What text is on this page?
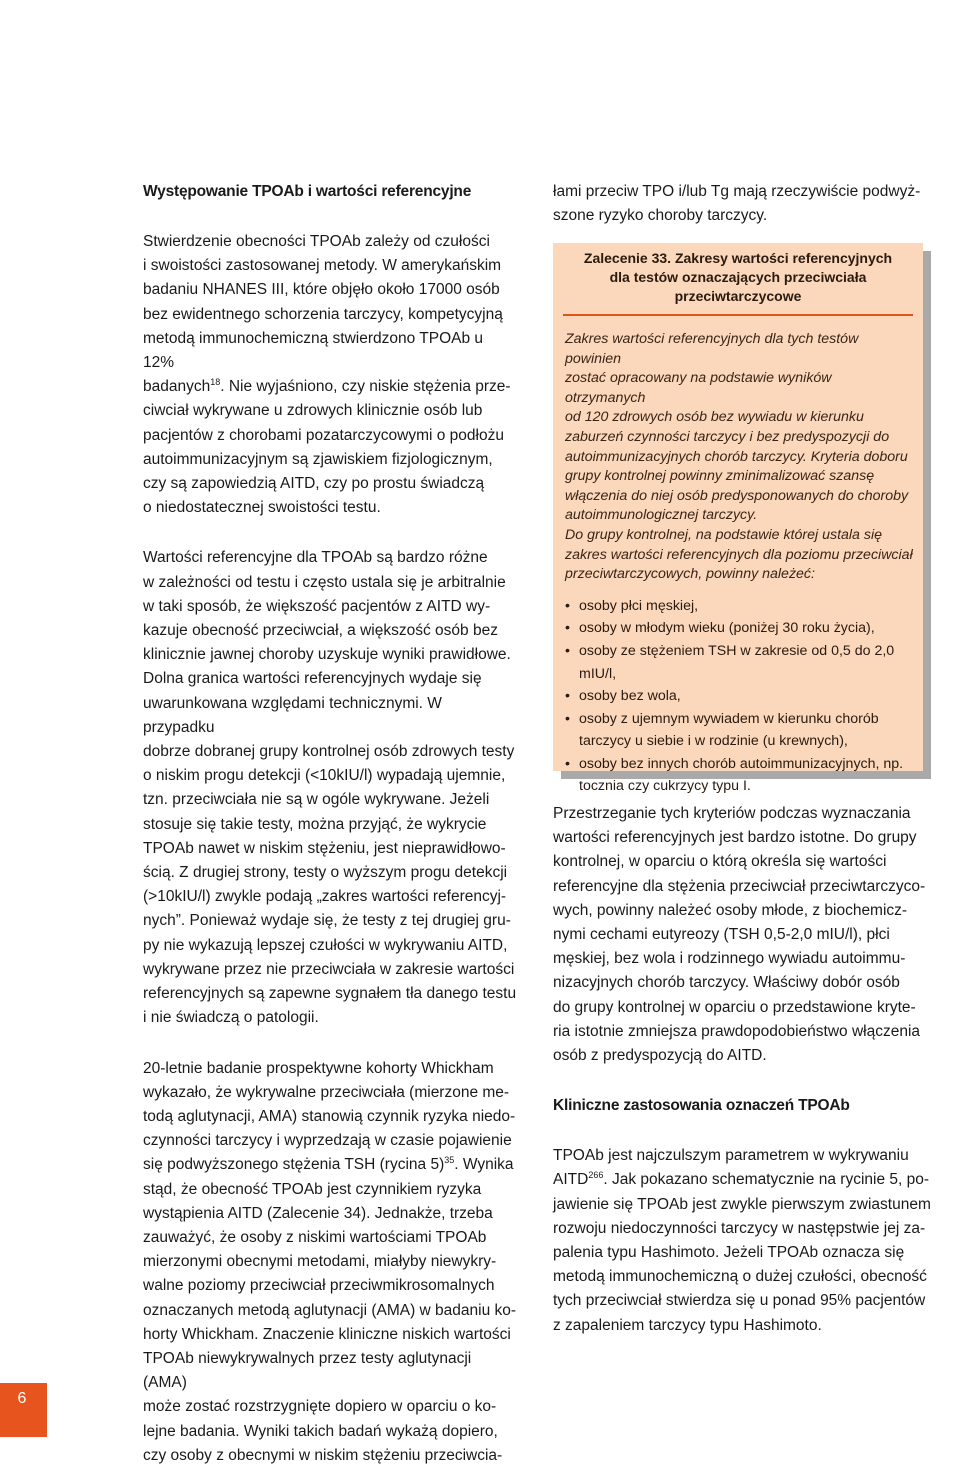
Występowanie TPOAb i wartości referencyjne

Stwierdzenie obecności TPOAb zależy od czułości
i swoistości zastosowanej metody. W amerykańskim
badaniu NHANES III, które objęło około 17000 osób
bez ewidentnego schorzenia tarczycy, kompetycyjną
metodą immunochemiczną stwierdzono TPOAb u 12%
badanych$^{18}$. Nie wyjaśniono, czy niskie stężenia prze-
ciwciał wykrywane u zdrowych klinicznie osób lub
pacjentów z chorobami pozatarczycowymi o podłożu
autoimmunizacyjnym są zjawiskiem fizjologicznym,
czy są zapowiedzią AITD, czy po prostu świadczą
o niedostatecznej swoistości testu.

Wartości referencyjne dla TPOAb są bardzo różne
w zależności od testu i często ustala się je arbitralnie
w taki sposób, że większość pacjentów z AITD wy-
kazuje obecność przeciwciał, a większość osób bez
klinicznie jawnej choroby uzyskuje wyniki prawidłowe.
Dolna granica wartości referencyjnych wydaje się
uwarunkowana względami technicznymi. W przypadku
dobrze dobranej grupy kontrolnej osób zdrowych testy
o niskim progu detekcji (<10kIU/l) wypadają ujemnie,
tzn. przeciwciała nie są w ogóle wykrywane. Jeżeli
stosuje się takie testy, można przyjąć, że wykrycie
TPOAb nawet w niskim stężeniu, jest nieprawidłowo-
ścią. Z drugiej strony, testy o wyższym progu detekcji
(>10kIU/l) zwykle podają „zakres wartości referencyj-
nych”. Ponieważ wydaje się, że testy z tej drugiej gru-
py nie wykazują lepszej czułości w wykrywaniu AITD,
wykrywane przez nie przeciwciała w zakresie wartości
referencyjnych są zapewne sygnałem tła danego testu
i nie świadczą o patologii.

20-letnie badanie prospektywne kohorty Whickham
wykazało, że wykrywalne przeciwciała (mierzone me-
todą aglutynacji, AMA) stanowią czynnik ryzyka niedo-
czynności tarczycy i wyprzedzają w czasie pojawienie
się podwyższonego stężenia TSH (rycina 5)$^{35}$. Wynika
stąd, że obecność TPOAb jest czynnikiem ryzyka
wystąpienia AITD (Zalecenie 34). Jednakże, trzeba
zauważyć, że osoby z niskimi wartościami TPOAb
mierzonymi obecnymi metodami, miałyby niewykry-
walne poziomy przeciwciał przeciwmikrosomalnych
oznaczanych metodą aglutynacji (AMA) w badaniu ko-
horty Whickham. Znaczenie kliniczne niskich wartości
TPOAb niewykrywalnych przez testy aglutynacji (AMA)
może zostać rozstrzygnięte dopiero w oparciu o ko-
lejne badania. Wyniki takich badań wykażą dopiero,
czy osoby z obecnymi w niskim stężeniu przeciwcia-

łami przeciw TPO i/lub Tg mają rzeczywiście podwyż-
szone ryzyko choroby tarczycy.

Zalecenie 33. Zakresy wartości referencyjnych
dla testów oznaczających przeciwciała
przeciwtarczycowe

Zakres wartości referencyjnych dla tych testów powinien
zostać opracowany na podstawie wyników otrzymanych
od 120 zdrowych osób bez wywiadu w kierunku
zaburzeń czynności tarczycy i bez predyspozycji do
autoimmunizacyjnych chorób tarczycy. Kryteria doboru
grupy kontrolnej powinny zminimalizować szansę
włączenia do niej osób predysponowanych do choroby
autoimmunologicznej tarczycy.
Do grupy kontrolnej, na podstawie której ustala się
zakres wartości referencyjnych dla poziomu przeciwciał
przeciwtarczycowych, powinny należeć:

• osoby płci męskiej,
• osoby w młodym wieku (poniżej 30 roku życia),
• osoby ze stężeniem TSH w zakresie od 0,5 do 2,0 mIU/l,
• osoby bez wola,
• osoby z ujemnym wywiadem w kierunku chorób tarczycy u siebie i w rodzinie (u krewnych),
• osoby bez innych chorób autoimmunizacyjnych, np. tocznia czy cukrzycy typu I.

Przestrzeganie tych kryteriów podczas wyznaczania
wartości referencyjnych jest bardzo istotne. Do grupy
kontrolnej, w oparciu o którą określa się wartości
referencyjne dla stężenia przeciwciał przeciwtarczyco-
wych, powinny należeć osoby młode, z biochemicz-
nymi cechami eutyreozy (TSH 0,5-2,0 mIU/l), płci
męskiej, bez wola i rodzinnego wywiadu autoimmu-
nizacyjnych chorób tarczycy. Właściwy dobór osób
do grupy kontrolnej w oparciu o przedstawione kryte-
ria istotnie zmniejsza prawdopodobieństwo włączenia
osób z predyspozycją do AITD.

Kliniczne zastosowania oznaczeń TPOAb

TPOAb jest najczulszym parametrem w wykrywaniu
AITD$^{266}$. Jak pokazano schematycznie na rycinie 5, po-
jawienie się TPOAb jest zwykle pierwszym zwiastunem
rozwoju niedoczynności tarczycy w następstwie jej za-
palenia typu Hashimoto. Jeżeli TPOAb oznacza się
metodą immunochemiczną o dużej czułości, obecność
tych przeciwciał stwierdza się u ponad 95% pacjentów
z zapaleniem tarczycy typu Hashimoto.

6
